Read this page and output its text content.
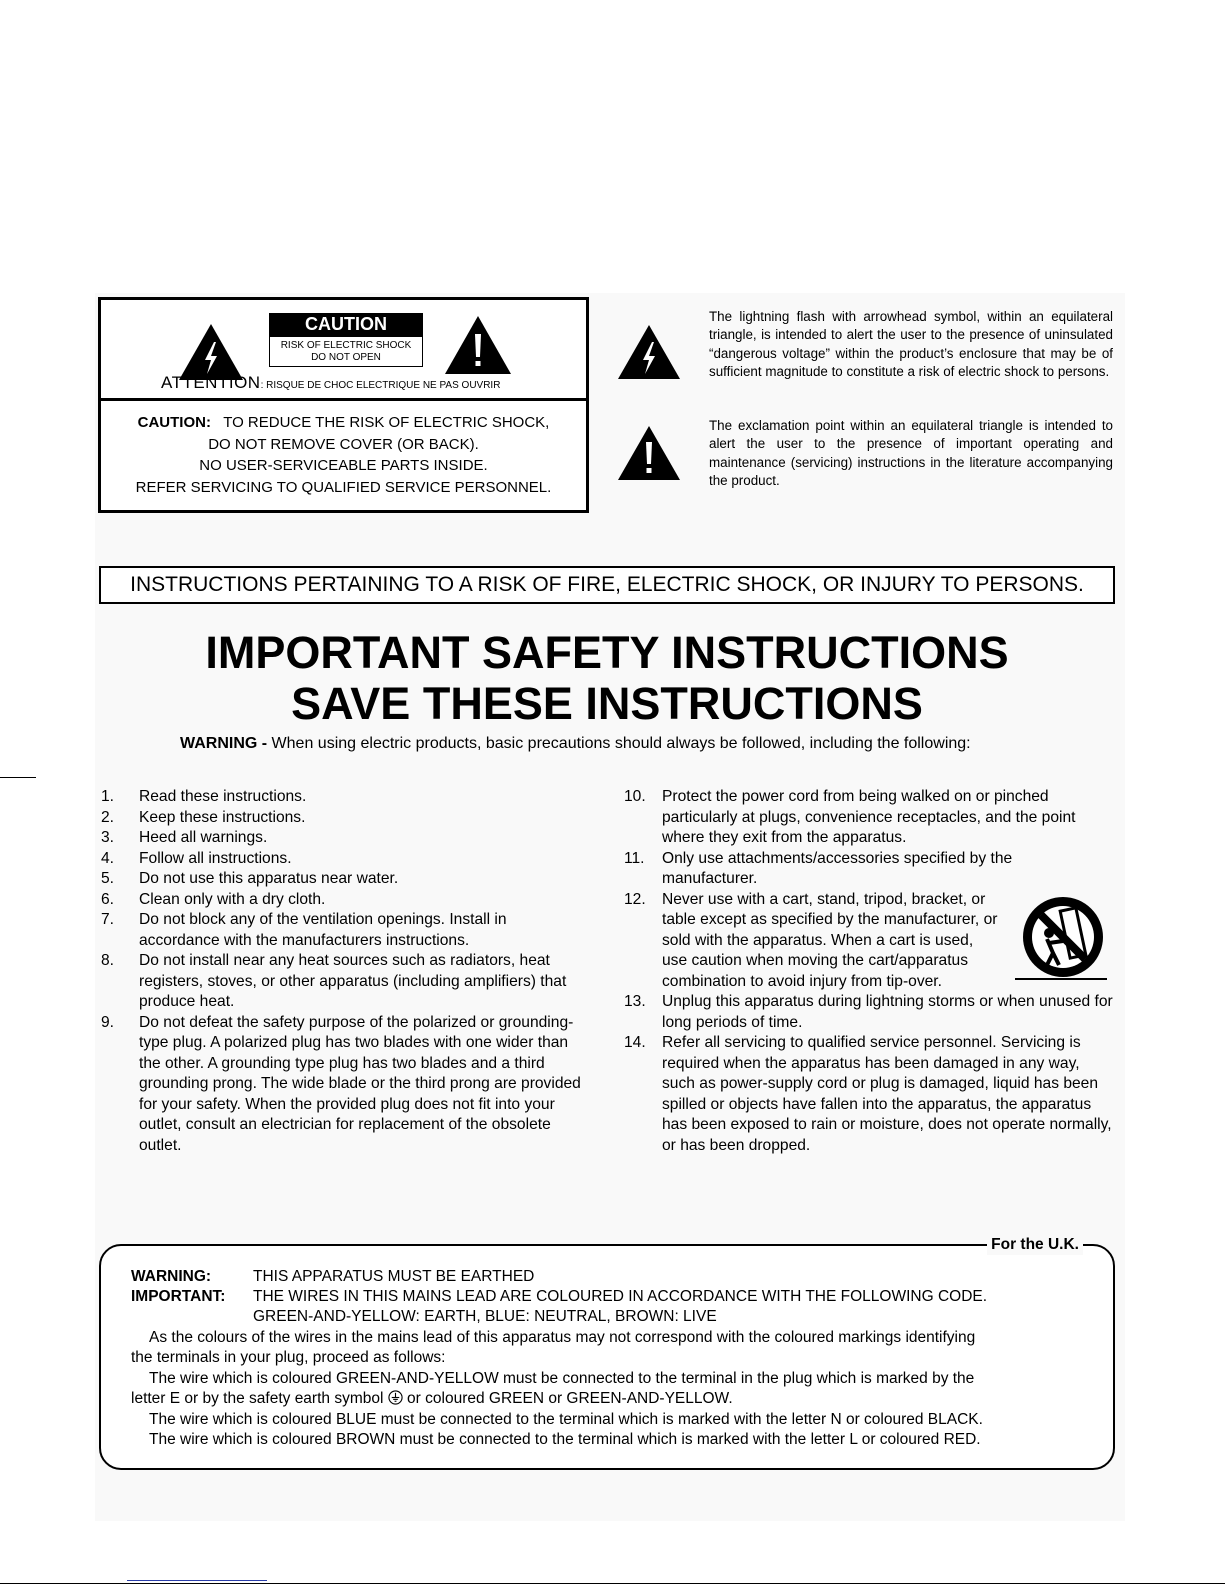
CAUTION
RISK OF ELECTRIC SHOCK
DO NOT OPEN
ATTENTION: RISQUE DE CHOC ELECTRIQUE NE PAS OUVRIR
CAUTION: TO REDUCE THE RISK OF ELECTRIC SHOCK,
DO NOT REMOVE COVER (OR BACK).
NO USER-SERVICEABLE PARTS INSIDE.
REFER SERVICING TO QUALIFIED SERVICE PERSONNEL.
The lightning flash with arrowhead symbol, within an equilateral triangle, is intended to alert the user to the presence of uninsulated “dangerous voltage” within the product’s enclosure that may be of sufficient magnitude to constitute a risk of electric shock to persons.
The exclamation point within an equilateral triangle is intended to alert the user to the presence of important operating and maintenance (servicing) instructions in the literature accompanying the product.
INSTRUCTIONS PERTAINING TO A RISK OF FIRE, ELECTRIC SHOCK, OR INJURY TO PERSONS.
IMPORTANT SAFETY INSTRUCTIONS
SAVE THESE INSTRUCTIONS
WARNING - When using electric products, basic precautions should always be followed, including the following:
1.	Read these instructions.
2.	Keep these instructions.
3.	Heed all warnings.
4.	Follow all instructions.
5.	Do not use this apparatus near water.
6.	Clean only with a dry cloth.
7.	Do not block any of the ventilation openings. Install in accordance with the manufacturers instructions.
8.	Do not install near any heat sources such as radiators, heat registers, stoves, or other apparatus (including amplifiers) that produce heat.
9.	Do not defeat the safety purpose of the polarized or grounding-type plug. A polarized plug has two blades with one wider than the other. A grounding type plug has two blades and a third grounding prong. The wide blade or the third prong are provided for your safety. When the provided plug does not fit into your outlet, consult an electrician for replacement of the obsolete outlet.
10.	Protect the power cord from being walked on or pinched particularly at plugs, convenience receptacles, and the point where they exit from the apparatus.
11.	Only use attachments/accessories specified by the manufacturer.
12.	Never use with a cart, stand, tripod, bracket, or table except as specified by the manufacturer, or sold with the apparatus. When a cart is used, use caution when moving the cart/apparatus combination to avoid injury from tip-over.
13.	Unplug this apparatus during lightning storms or when unused for long periods of time.
14.	Refer all servicing to qualified service personnel. Servicing is required when the apparatus has been damaged in any way, such as power-supply cord or plug is damaged, liquid has been spilled or objects have fallen into the apparatus, the apparatus has been exposed to rain or moisture, does not operate normally, or has been dropped.
For the U.K.
WARNING:	THIS APPARATUS MUST BE EARTHED
IMPORTANT: THE WIRES IN THIS MAINS LEAD ARE COLOURED IN ACCORDANCE WITH THE FOLLOWING CODE.
GREEN-AND-YELLOW: EARTH, BLUE: NEUTRAL, BROWN: LIVE
As the colours of the wires in the mains lead of this apparatus may not correspond with the coloured markings identifying
the terminals in your plug, proceed as follows:
The wire which is coloured GREEN-AND-YELLOW must be connected to the terminal in the plug which is marked by the
letter E or by the safety earth symbol or coloured GREEN or GREEN-AND-YELLOW.
The wire which is coloured BLUE must be connected to the terminal which is marked with the letter N or coloured BLACK.
The wire which is coloured BROWN must be connected to the terminal which is marked with the letter L or coloured RED.
